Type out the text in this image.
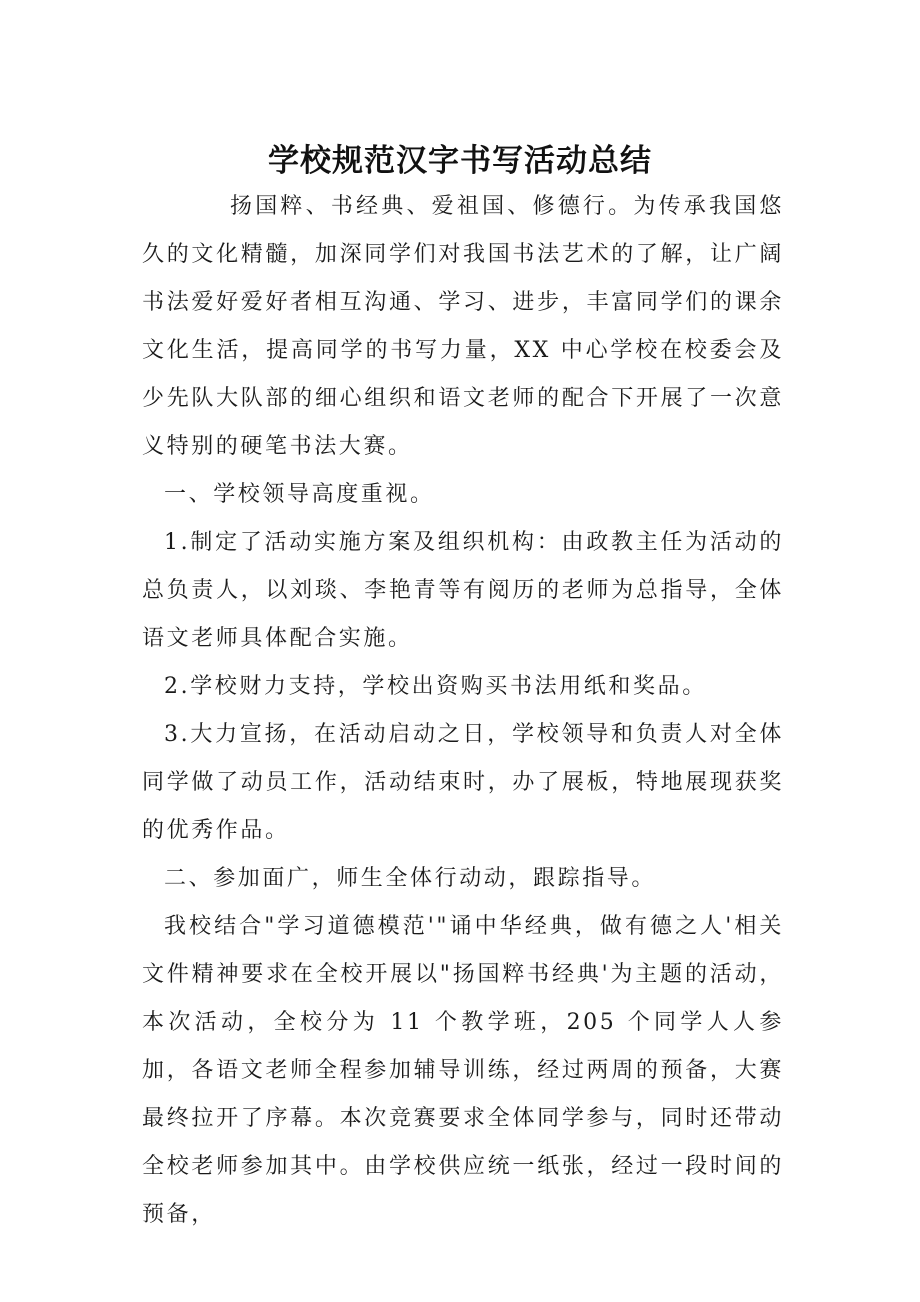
学校规范汉字书写活动总结

扬国粹、书经典、爱祖国、修德行。为传承我国悠久的文化精髓，加深同学们对我国书法艺术的了解，让广阔书法爱好爱好者相互沟通、学习、进步，丰富同学们的课余文化生活，提高同学的书写力量，XX 中心学校在校委会及少先队大队部的细心组织和语文老师的配合下开展了一次意义特别的硬笔书法大赛。

一、学校领导高度重视。

1.制定了活动实施方案及组织机构：由政教主任为活动的总负责人，以刘琰、李艳青等有阅历的老师为总指导，全体语文老师具体配合实施。

2.学校财力支持，学校出资购买书法用纸和奖品。

3.大力宣扬，在活动启动之日，学校领导和负责人对全体同学做了动员工作，活动结束时，办了展板，特地展现获奖的优秀作品。

二、参加面广，师生全体行动动，跟踪指导。

我校结合"学习道德模范'"诵中华经典，做有德之人'相关文件精神要求在全校开展以"扬国粹书经典'为主题的活动，本次活动，全校分为 11 个教学班，205 个同学人人参加，各语文老师全程参加辅导训练，经过两周的预备，大赛最终拉开了序幕。本次竞赛要求全体同学参与，同时还带动全校老师参加其中。由学校供应统一纸张，经过一段时间的预备，
